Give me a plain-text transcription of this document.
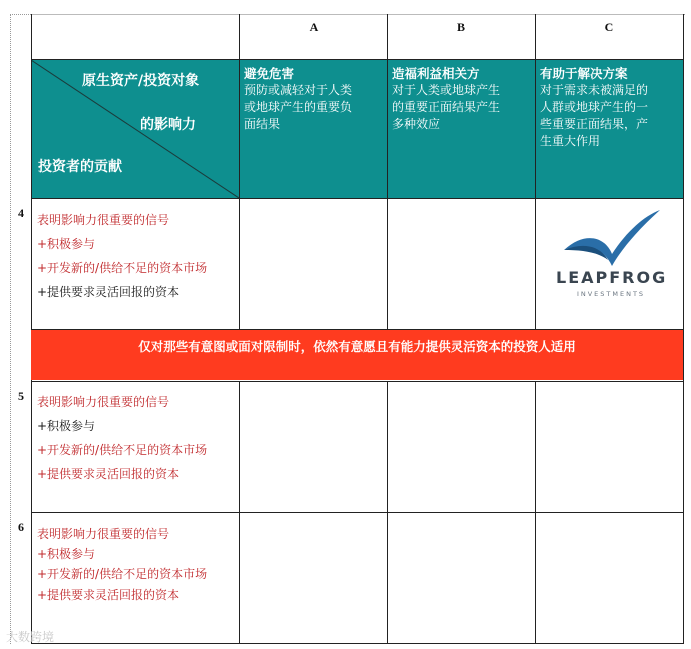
A	B	C
原生资产/投资对象
的影响力
投资者的贡献
避免危害
预防或减轻对于人类
或地球产生的重要负
面结果
造福利益相关方
对于人类或地球产生
的重要正面结果产生
多种效应
有助于解决方案
对于需求未被满足的
人群或地球产生的一
些重要正面结果，产
生重大作用
4 表明影响力很重要的信号
+积极参与
+开发新的/供给不足的资本市场
+提供要求灵活回报的资本
LEAPFROG
INVESTMENTS
仅对那些有意图或面对限制时，依然有意愿且有能力提供灵活资本的投资人适用
5 表明影响力很重要的信号
+积极参与
+开发新的/供给不足的资本市场
+提供要求灵活回报的资本
6 表明影响力很重要的信号
+积极参与
+开发新的/供给不足的资本市场
+提供要求灵活回报的资本
大数跨境
